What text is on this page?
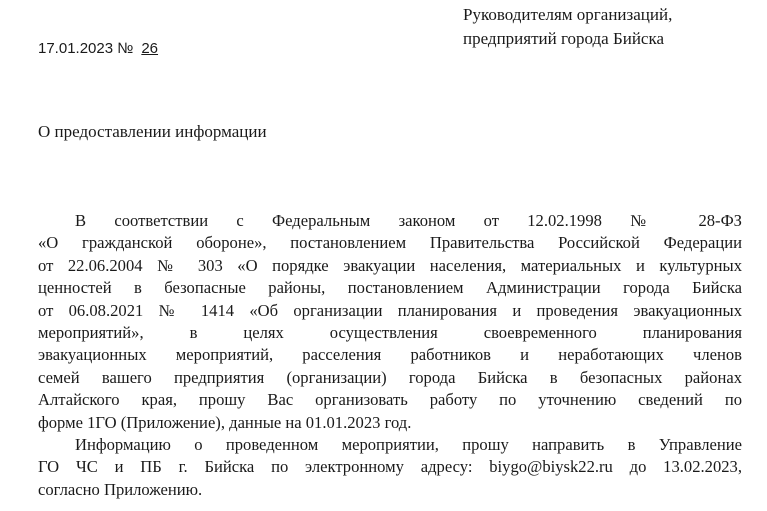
Руководителям организаций,
предприятий города Бийска
17.01.2023 № 26
О предоставлении информации
В соответствии с Федеральным законом от 12.02.1998 № 28-ФЗ
«О гражданской обороне», постановлением Правительства Российской Федерации
от 22.06.2004 № 303 «О порядке эвакуации населения, материальных и культурных
ценностей в безопасные районы, постановлением Администрации города Бийска
от 06.08.2021 № 1414 «Об организации планирования и проведения эвакуационных
мероприятий», в целях осуществления своевременного планирования
эвакуационных мероприятий, расселения работников и неработающих членов
семей вашего предприятия (организации) города Бийска в безопасных районах
Алтайского края, прошу Вас организовать работу по уточнению сведений по
форме 1ГО (Приложение), данные на 01.01.2023 год.
Информацию о проведенном мероприятии, прошу направить в Управление
ГО ЧС и ПБ г. Бийска по электронному адресу: biygo@biysk22.ru до 13.02.2023,
согласно Приложению.
